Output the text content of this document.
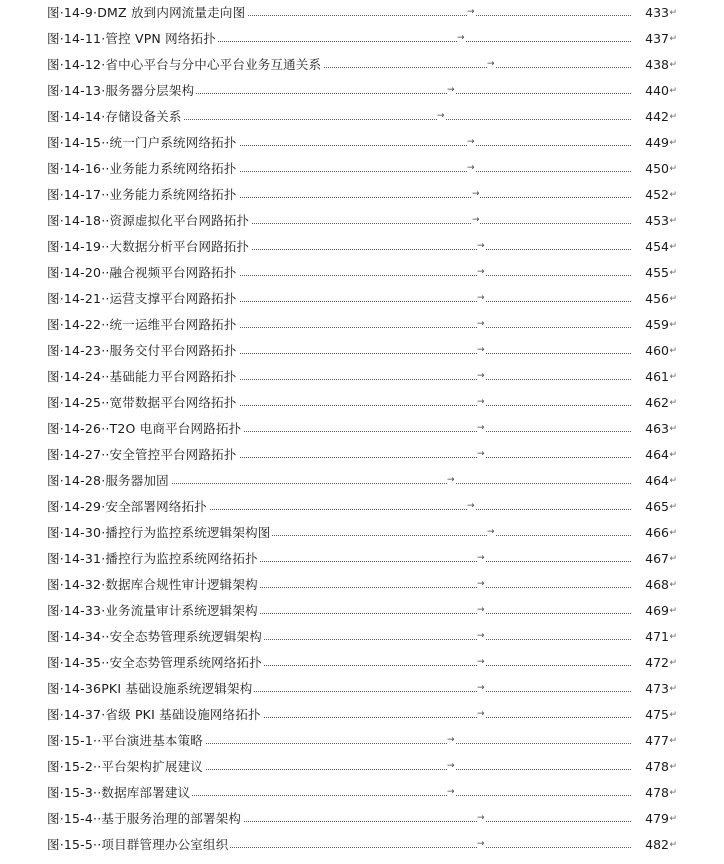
图·14-9·DMZ 放到内网流量走向图	→	433 ↵
图·14-11·管控 VPN 网络拓扑	→	437 ↵
图·14-12·省中心平台与分中心平台业务互通关系	→	438 ↵
图·14-13·服务器分层架构	→	440 ↵
图·14-14·存储设备关系	→	442 ↵
图·14-15··统一门户系统网络拓扑	→	449 ↵
图·14-16··业务能力系统网络拓扑	→	450 ↵
图·14-17··业务能力系统网络拓扑	→	452 ↵
图·14-18··资源虚拟化平台网路拓扑	→	453 ↵
图·14-19··大数据分析平台网路拓扑	→	454 ↵
图·14-20··融合视频平台网路拓扑	→	455 ↵
图·14-21··运营支撑平台网路拓扑	→	456 ↵
图·14-22··统一运维平台网路拓扑	→	459 ↵
图·14-23··服务交付平台网路拓扑	→	460 ↵
图·14-24··基础能力平台网路拓扑	→	461 ↵
图·14-25··宽带数据平台网络拓扑	→	462 ↵
图·14-26··T2O 电商平台网路拓扑	→	463 ↵
图·14-27··安全管控平台网路拓扑	→	464 ↵
图·14-28·服务器加固	→	464 ↵
图·14-29·安全部署网络拓扑	→	465 ↵
图·14-30·播控行为监控系统逻辑架构图	→	466 ↵
图·14-31·播控行为监控系统网络拓扑	→	467 ↵
图·14-32·数据库合规性审计逻辑架构	→	468 ↵
图·14-33·业务流量审计系统逻辑架构	→	469 ↵
图·14-34··安全态势管理系统逻辑架构	→	471 ↵
图·14-35··安全态势管理系统网络拓扑	→	472 ↵
图·14-36PKI 基础设施系统逻辑架构	→	473 ↵
图·14-37·省级 PKI 基础设施网络拓扑	→	475 ↵
图·15-1··平台演进基本策略	→	477 ↵
图·15-2··平台架构扩展建议	→	478 ↵
图·15-3··数据库部署建议	→	478 ↵
图·15-4··基于服务治理的部署架构	→	479 ↵
图·15-5··项目群管理办公室组织	→	482 ↵
